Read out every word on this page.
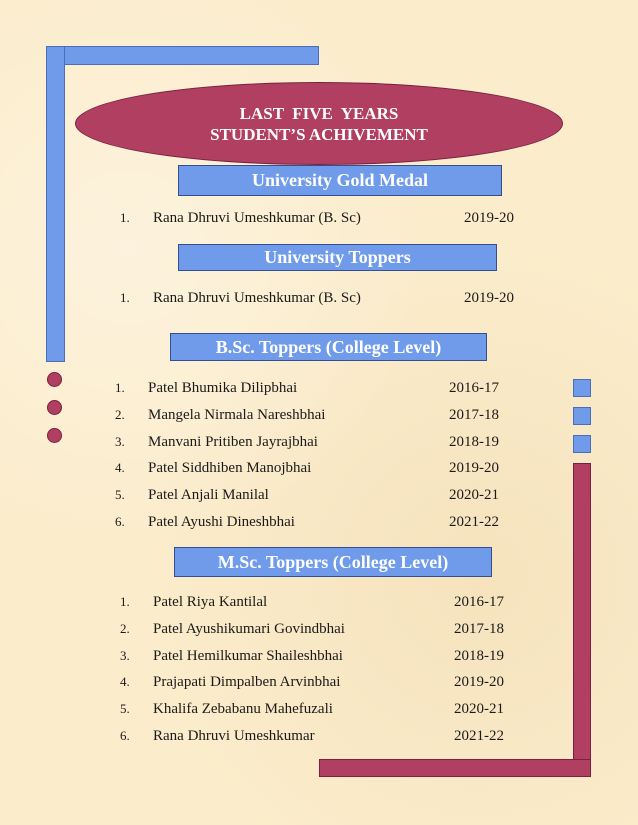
LAST  FIVE  YEARS
STUDENT’S ACHIVEMENT
University Gold Medal
1. Rana Dhruvi Umeshkumar (B. Sc)	2019-20
University Toppers
1. Rana Dhruvi Umeshkumar (B. Sc)	2019-20
B.Sc. Toppers (College Level)
1. Patel Bhumika Dilipbhai	2016-17
2. Mangela Nirmala Nareshbhai	2017-18
3. Manvani Pritiben Jayrajbhai	2018-19
4. Patel Siddhiben Manojbhai	2019-20
5. Patel Anjali Manilal	2020-21
6. Patel Ayushi Dineshbhai	2021-22
M.Sc. Toppers (College Level)
1. Patel Riya Kantilal	2016-17
2. Patel Ayushikumari Govindbhai	2017-18
3. Patel Hemilkumar Shaileshbhai	2018-19
4. Prajapati Dimpalben Arvinbhai	2019-20
5. Khalifa Zebabanu Mahefuzali	2020-21
6. Rana Dhruvi Umeshkumar	2021-22
